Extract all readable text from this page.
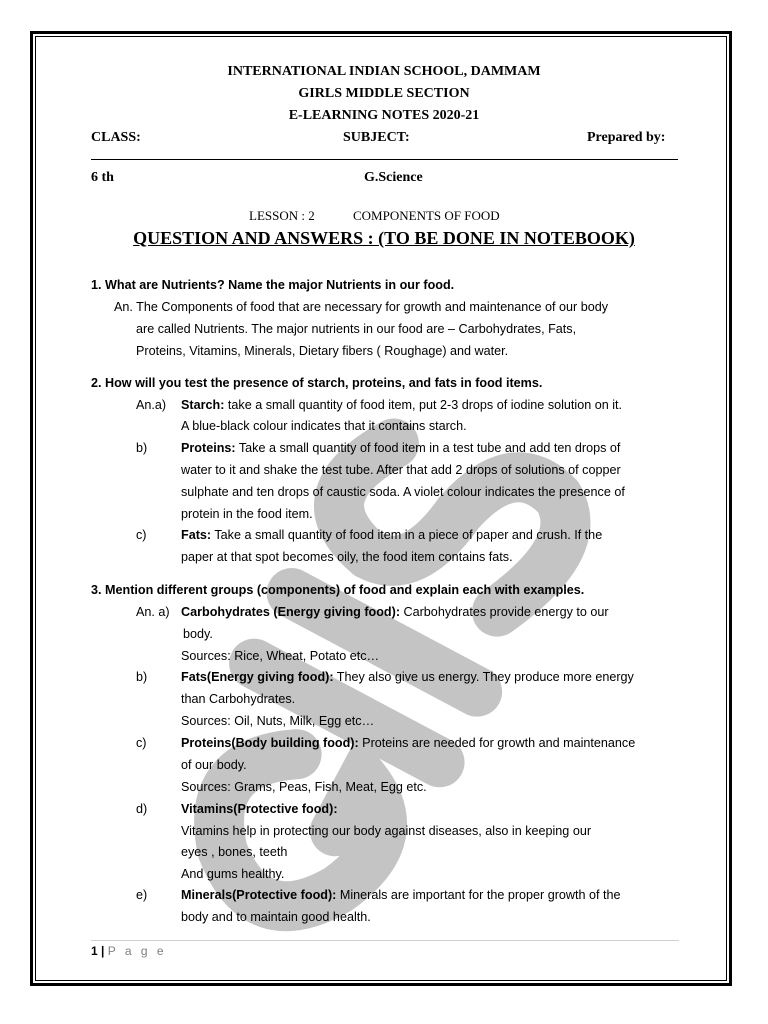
INTERNATIONAL INDIAN SCHOOL, DAMMAM
GIRLS MIDDLE SECTION
E-LEARNING NOTES 2020-21
CLASS:	SUBJECT:	Prepared by:
6 th	G.Science
LESSON : 2	COMPONENTS OF FOOD
QUESTION AND ANSWERS : (TO BE DONE IN NOTEBOOK)
1. What are Nutrients? Name the major Nutrients in our food.
An. The Components of food that are necessary for growth and maintenance of our body
are called Nutrients. The major nutrients in our food are – Carbohydrates, Fats,
Proteins, Vitamins, Minerals, Dietary fibers ( Roughage) and water.
2. How will you test the presence of starch, proteins, and fats in food items.
An.a) Starch: take a small quantity of food item, put 2-3 drops of iodine solution on it.
A blue-black colour indicates that it contains starch.
b)	Proteins: Take a small quantity of food item in a test tube and add ten drops of
water to it and shake the test tube. After that add 2 drops of solutions of copper
sulphate and ten drops of caustic soda. A violet colour indicates the presence of
protein in the food item.
c)	Fats: Take a small quantity of food item in a piece of paper and crush. If the
paper at that spot becomes oily, the food item contains fats.
3. Mention different groups (components) of food and explain each with examples.
An. a) Carbohydrates (Energy giving food): Carbohydrates provide energy to our
body.
Sources: Rice, Wheat, Potato etc…
b)	Fats(Energy giving food): They also give us energy. They produce more energy
than Carbohydrates.
Sources: Oil, Nuts, Milk, Egg etc…
c)	Proteins(Body building food): Proteins are needed for growth and maintenance
of our body.
Sources: Grams, Peas, Fish, Meat, Egg etc.
d)	Vitamins(Protective food):
Vitamins help in protecting our body against diseases, also in keeping our
eyes , bones, teeth
And gums healthy.
e)	Minerals(Protective food): Minerals are important for the proper growth of the
body and to maintain good health.
1 | P a g e
